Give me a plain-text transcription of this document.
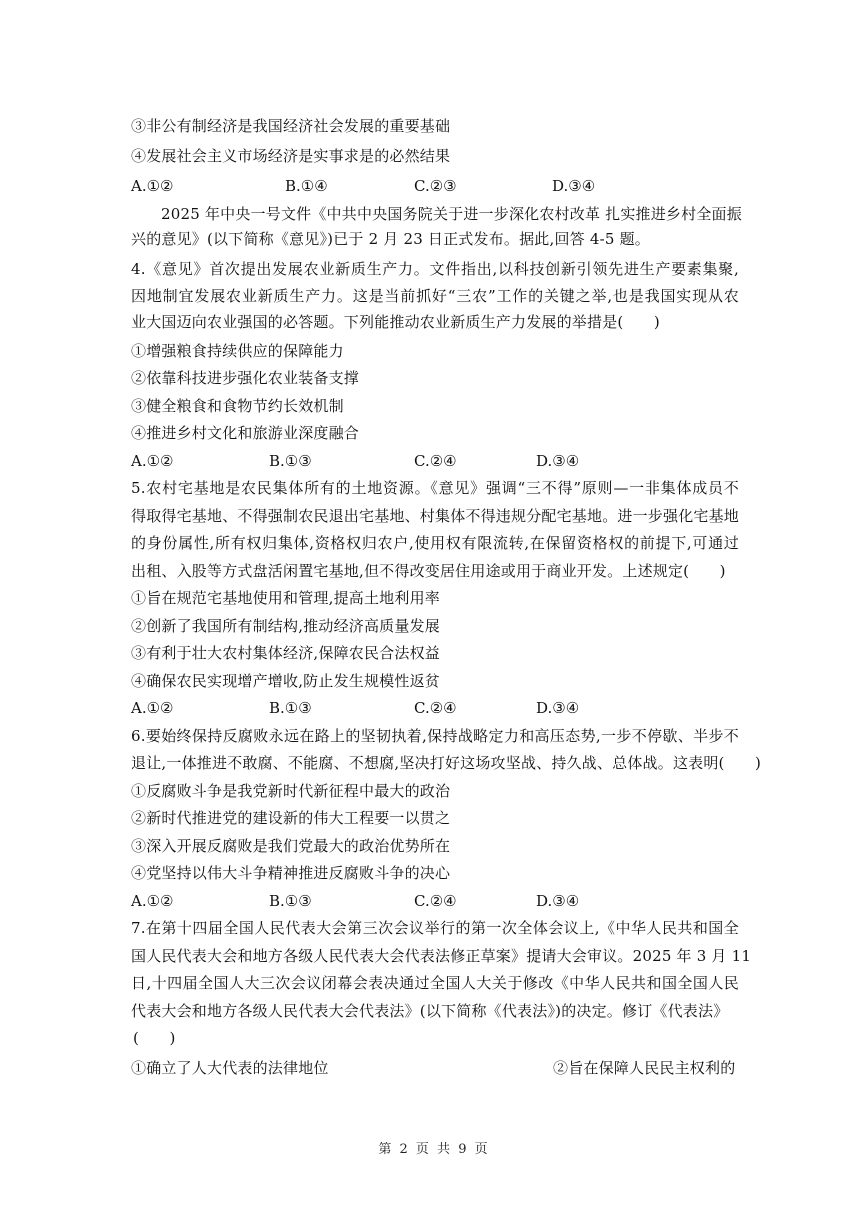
③非公有制经济是我国经济社会发展的重要基础
④发展社会主义市场经济是实事求是的必然结果
A.①②	B.①④	C.②③	D.③④
2025 年中央一号文件《中共中央国务院关于进一步深化农村改革 扎实推进乡村全面振
兴的意见》(以下简称《意见》)已于 2 月 23 日正式发布。据此,回答 4-5 题。
4.《意见》首次提出发展农业新质生产力。文件指出,以科技创新引领先进生产要素集聚,
因地制宜发展农业新质生产力。这是当前抓好“三农”工作的关键之举,也是我国实现从农
业大国迈向农业强国的必答题。下列能推动农业新质生产力发展的举措是(　　)
①增强粮食持续供应的保障能力
②依靠科技进步强化农业装备支撑
③健全粮食和食物节约长效机制
④推进乡村文化和旅游业深度融合
A.①②	B.①③	C.②④	D.③④
5.农村宅基地是农民集体所有的土地资源。《意见》强调“三不得”原则—一非集体成员不
得取得宅基地、不得强制农民退出宅基地、村集体不得违规分配宅基地。进一步强化宅基地
的身份属性,所有权归集体,资格权归农户,使用权有限流转,在保留资格权的前提下,可通过
出租、入股等方式盘活闲置宅基地,但不得改变居住用途或用于商业开发。上述规定(　　)
①旨在规范宅基地使用和管理,提高土地利用率
②创新了我国所有制结构,推动经济高质量发展
③有利于壮大农村集体经济,保障农民合法权益
④确保农民实现增产增收,防止发生规模性返贫
A.①②	B.①③	C.②④	D.③④
6.要始终保持反腐败永远在路上的坚韧执着,保持战略定力和高压态势,一步不停歇、半步不
退让,一体推进不敢腐、不能腐、不想腐,坚决打好这场攻坚战、持久战、总体战。这表明(　　)
①反腐败斗争是我党新时代新征程中最大的政治
②新时代推进党的建设新的伟大工程要一以贯之
③深入开展反腐败是我们党最大的政治优势所在
④党坚持以伟大斗争精神推进反腐败斗争的决心
A.①②	B.①③	C.②④	D.③④
7.在第十四届全国人民代表大会第三次会议举行的第一次全体会议上,《中华人民共和国全
国人民代表大会和地方各级人民代表大会代表法修正草案》提请大会审议。2025 年 3 月 11
日,十四届全国人大三次会议闭幕会表决通过全国人大关于修改《中华人民共和国全国人民
代表大会和地方各级人民代表大会代表法》(以下简称《代表法》)的决定。修订《代表法》
(　　)
①确立了人大代表的法律地位	②旨在保障人民民主权利的
第 2 页 共 9 页
